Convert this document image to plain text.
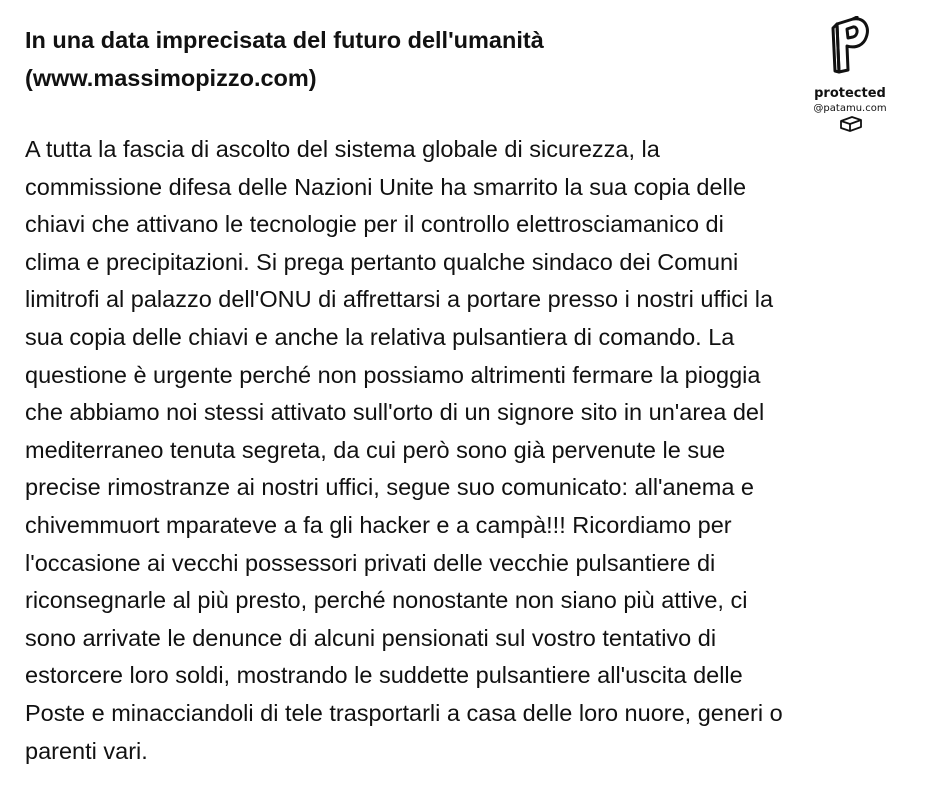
In una data imprecisata del futuro dell'umanità
(www.massimopizzo.com)
protected
@patamu.com
A tutta la fascia di ascolto del sistema globale di sicurezza, la
commissione difesa delle Nazioni Unite ha smarrito la sua copia delle
chiavi che attivano le tecnologie per il controllo elettrosciamanico di
clima e precipitazioni. Si prega pertanto qualche sindaco dei Comuni
limitrofi al palazzo dell'ONU di affrettarsi a portare presso i nostri uffici la
sua copia delle chiavi e anche la relativa pulsantiera di comando. La
questione è urgente perché non possiamo altrimenti fermare la pioggia
che abbiamo noi stessi attivato sull'orto di un signore sito in un'area del
mediterraneo tenuta segreta, da cui però sono già pervenute le sue
precise rimostranze ai nostri uffici, segue suo comunicato: all'anema e
chivemmuort mparateve a fa gli hacker e a campà!!! Ricordiamo per
l'occasione ai vecchi possessori privati delle vecchie pulsantiere di
riconsegnarle al più presto, perché nonostante non siano più attive, ci
sono arrivate le denunce di alcuni pensionati sul vostro tentativo di
estorcere loro soldi, mostrando le suddette pulsantiere all'uscita delle
Poste e minacciandoli di tele trasportarli a casa delle loro nuore, generi o
parenti vari.
